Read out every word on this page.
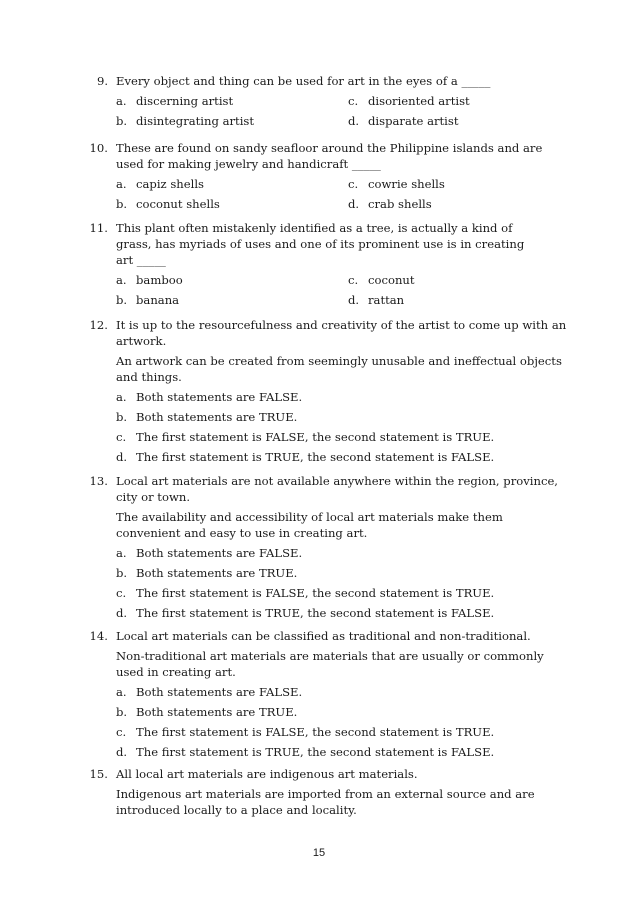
9. Every object and thing can be used for art in the eyes of a _____

a. discerning artist	c. disoriented artist
b. disintegrating artist	d. disparate artist
10. These are found on sandy seafloor around the Philippine islands and are used for making jewelry and handicraft _____

a. capiz shells	c. cowrie shells
b. coconut shells	d. crab shells
11. This plant often mistakenly identified as a tree, is actually a kind of
grass, has myriads of uses and one of its prominent use is in creating
art _____

a. bamboo	c. coconut
b. banana	d. rattan
12. It is up to the resourcefulness and creativity of the artist to come up with an artwork.

An artwork can be created from seemingly unusable and ineffectual objects and things.

a. Both statements are FALSE.
b. Both statements are TRUE.
c. The first statement is FALSE, the second statement is TRUE.
d. The first statement is TRUE, the second statement is FALSE.
13. Local art materials are not available anywhere within the region, province, city or town.

The availability and accessibility of local art materials make them convenient and easy to use in creating art.

a. Both statements are FALSE.
b. Both statements are TRUE.
c. The first statement is FALSE, the second statement is TRUE.
d. The first statement is TRUE, the second statement is FALSE.
14. Local art materials can be classified as traditional and non-traditional.

Non-traditional art materials are materials that are usually or commonly used in creating art.

a. Both statements are FALSE.
b. Both statements are TRUE.
c. The first statement is FALSE, the second statement is TRUE.
d. The first statement is TRUE, the second statement is FALSE.
15. All local art materials are indigenous art materials.

Indigenous art materials are imported from an external source and are introduced locally to a place and locality.

15
